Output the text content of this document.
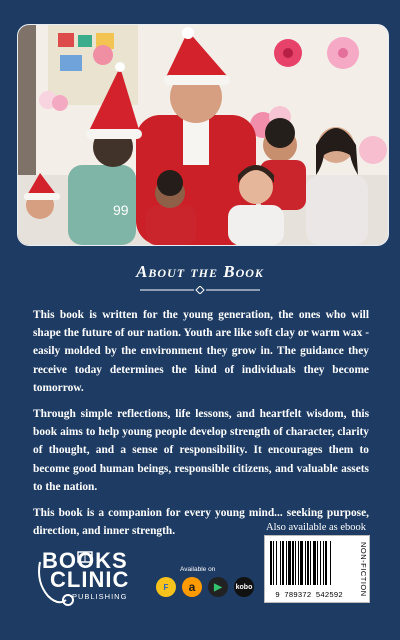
99
About the Book

This book is written for the young generation, the ones who will shape the future of our nation. Youth are like soft clay or warm wax - easily molded by the environment they grow in. The guidance they receive today determines the kind of individuals they become tomorrow.

Through simple reflections, life lessons, and heartfelt wisdom, this book aims to help young people develop strength of character, clarity of thought, and a sense of responsibility. It encourages them to become good human beings, responsible citizens, and valuable assets to the nation.

This book is a companion for every young mind... seeking purpose, direction, and inner strength.	Also available as ebook
9 789372 542592	NON-FICTION
BOOKS
CLINIC
PUBLISHING
Available on
F	a	▶	kobo
